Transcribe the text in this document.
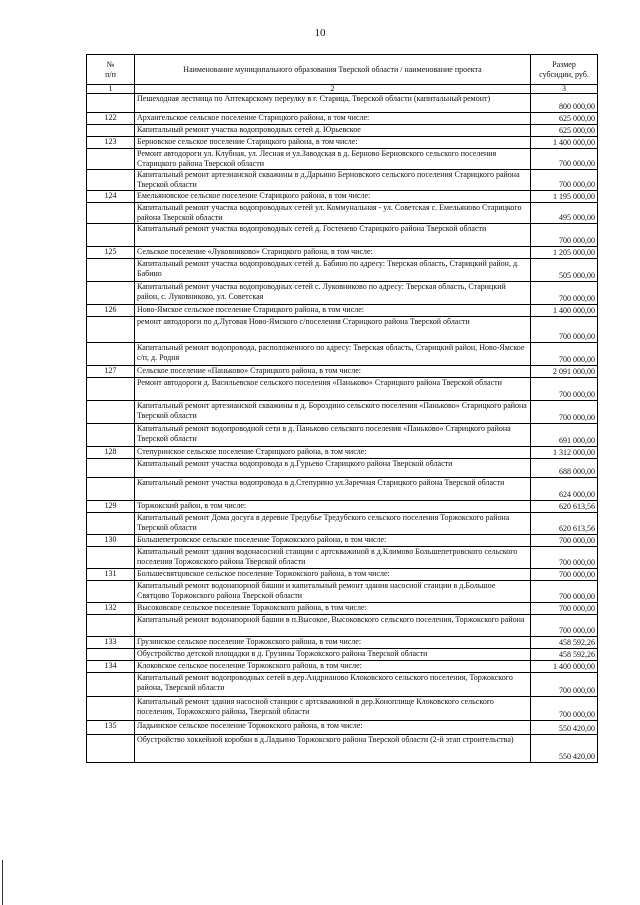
10
№
п/п	Наименование муниципального образования Тверской области / наименование проекта	Размер
субсидии, руб.
1	2	3
	Пешеходная лестница по Аптекарскому переулку в г. Старица, Тверской области (капитальный ремонт)	800 000,00
122	Архангельское сельское поселение Старицкого района, в том числе:	625 000,00
	Капитальный ремонт участка водопроводных сетей д. Юрьевское	625 000,00
123	Берновское сельское поселение Старицкого района, в том числе:	1 400 000,00
	Ремонт автодороги ул. Клубная, ул. Лесная и ул.Заводская в д. Берново Берновского сельского поселения Старицкого района Тверской области	700 000,00
	Капитальный ремонт артезианской скважины в д.Дарьино Берновского сельского поселения Старицкого района Тверской области	700 000,00
124	Емельяновское сельское поселение Старицкого района, в том числе:	1 195 000,00
	Капитальный ремонт участка водопроводных сетей ул. Коммунальная - ул. Советская с. Емельяново Старицкого района Тверской области	495 000,00
	Капитальный ремонт участка водопроводных сетей д. Гостенево Старицкого района Тверской области	700 000,00
125	Сельское поселение «Луковниково» Старицкого района, в том числе:	1 205 000,00
	Капитальный ремонт участка водопроводных сетей д. Бабино по адресу: Тверская область, Старицкий район, д. Бабино	505 000,00
	Капитальный ремонт участка водопроводных сетей с. Луковниково по адресу: Тверская область, Старицкий район, с. Луковниково, ул. Советская	700 000,00
126	Ново-Ямское сельское поселение Старицкого района, в том числе:	1 400 000,00
	ремонт автодороги по д.Луговая Ново-Ямского с/поселения Старицкого района Тверской области	700 000,00
	Капитальный ремонт водопровода, расположенного по адресу: Тверская область, Старицкий район, Ново-Ямское с/п, д. Родня	700 000,00
127	Сельское поселение «Паньково» Старицкого района, в том числе:	2 091 000,00
	Ремонт автодороги д. Васильевское сельского поселения «Паньково» Старицкого района Тверской области	700 000,00
	Капитальный ремонт артезианской скважины в д. Бороздино сельского поселения «Паньково» Старицкого района Тверской области	700 000,00
	Капитальный ремонт водопроводной сети в д. Паньково сельского поселения «Паньково» Старицкого района Тверской области	691 000,00
128	Степуринское сельское поселение Старицкого района, в том числе:	1 312 000,00
	Капитальный ремонт участка водопровода в д.Гурьево Старицкого района Тверской области	688 000,00
	Капитальный ремонт участка водопровода в д.Степурино ул.Заречная Старицкого района Тверской области	624 000,00
129	Торжокский район, в том числе:	620 613,56
	Капитальный ремонт Дома досуга в деревне Тредубье Тредубского сельского поселения Торжокского района Тверской области	620 613,56
130	Большепетровское сельское поселение Торжокского района, в том числе:	700 000,00
	Капитальный ремонт здания водонасосной станции с артскважиной в д.Климово Большепетровского сельского поселения Торжокского района Тверской области	700 000,00
131	Большесвятцовское сельское поселение Торжокского района, в том числе:	700 000,00
	Капитальный ремонт водонапорной башни и капитальный ремонт здания насосной станции в д.Большое Святцово Торжокского района Тверской области	700 000,00
132	Высоковское сельское поселение Торжокского района, в том числе:	700 000,00
	Капитальный ремонт водонапорной башни в п.Высокое, Высоковского сельского поселения, Торжокского района	700 000,00
133	Грузинское сельское поселение Торжокского района, в том числе:	458 592,26
	Обустройство детской площадки в д. Грузины Торжокского района Тверской области	458 592,26
134	Клоковское сельское поселение Торжокского района, в том числе:	1 400 000,00
	Капитальный ремонт водопроводных сетей в дер.Андрианово Клоковского сельского поселения, Торжокского района, Тверской области	700 000,00
	Капитальный ремонт здания насосной станции с артскважиной в дер.Коноплище Клоковского сельского поселения, Торжокского района, Тверской области	700 000,00
135	Ладьинское сельское поселение Торжокского района, в том числе:	550 420,00
	Обустройство хоккейной коробки в д.Ладьино Торжокского района Тверской области (2-й этап строительства)	550 420,00
